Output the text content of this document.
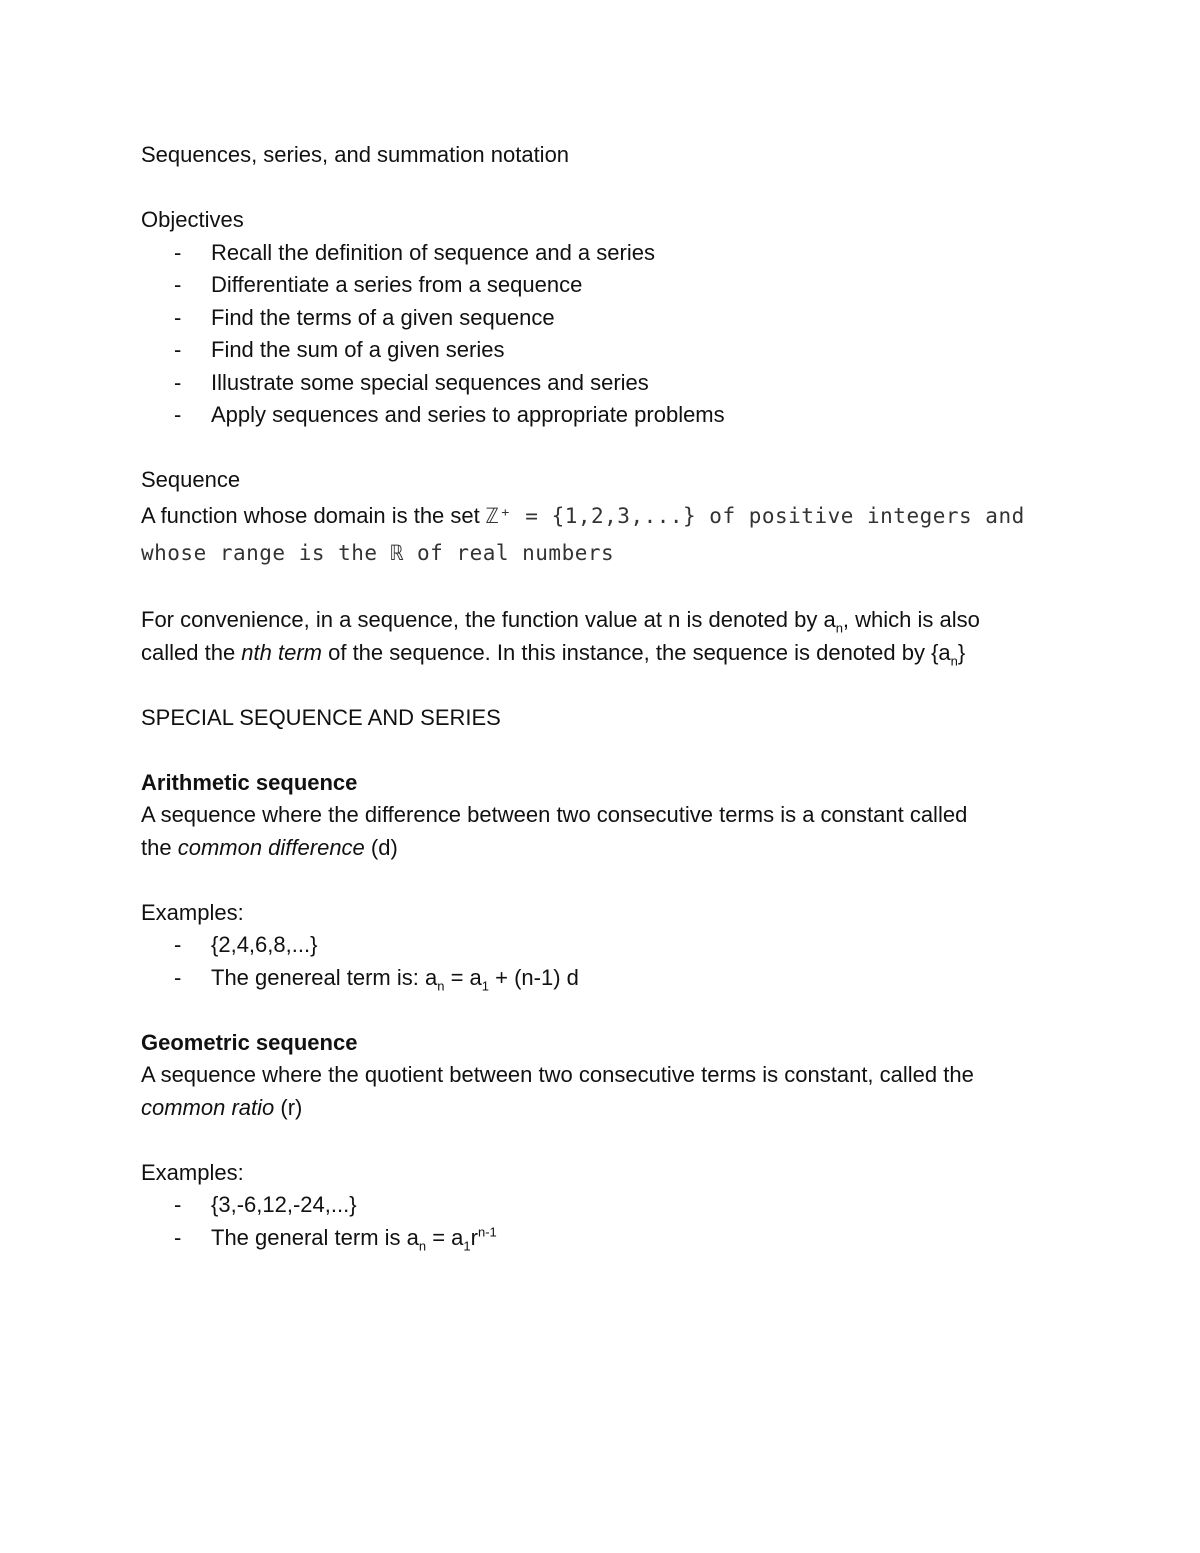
Sequences, series, and summation notation
Objectives
- Recall the definition of sequence and a series
- Differentiate a series from a sequence
- Find the terms of a given sequence
- Find the sum of a given series
- Illustrate some special sequences and series
- Apply sequences and series to appropriate problems
Sequence
A function whose domain is the set ℤ⁺ = {1,2,3,...} of positive integers and
whose range is the ℝ of real numbers
For convenience, in a sequence, the function value at n is denoted by $a_n$, which is also
called the nth term of the sequence. In this instance, the sequence is denoted by $\{a_n\}$
SPECIAL SEQUENCE AND SERIES
Arithmetic sequence
A sequence where the difference between two consecutive terms is a constant called
the common difference (d)
Examples:
- {2,4,6,8,...}
- The genereal term is: $a_n = a_1 + (n-1)$ d
Geometric sequence
A sequence where the quotient between two consecutive terms is constant, called the
common ratio (r)
Examples:
- {3,-6,12,-24,...}
- The general term is $a_n = a_1r^{n-1}$
